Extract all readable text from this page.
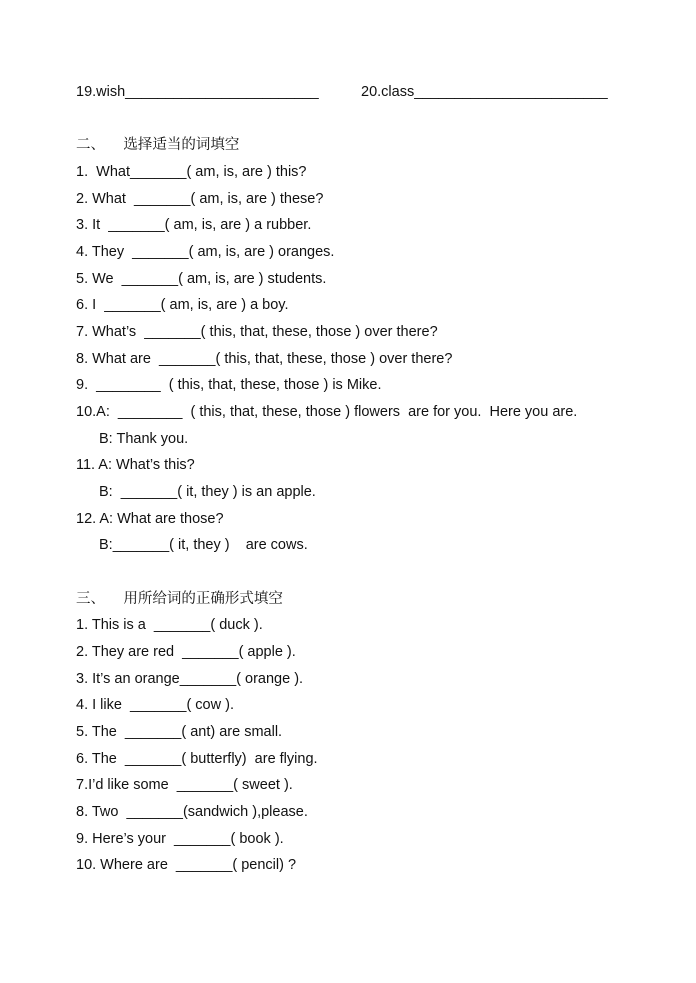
19.wish________________________	20.class________________________
二、    选择适当的词填空
1.  What_______( am, is, are ) this?
2. What  _______( am, is, are ) these?
3. It  _______( am, is, are ) a rubber.
4. They  _______( am, is, are ) oranges.
5. We  _______( am, is, are ) students.
6. I  _______( am, is, are ) a boy.
7. What’s  _______( this, that, these, those ) over there?
8. What are  _______( this, that, these, those ) over there?
9.  ________  ( this, that, these, those ) is Mike.
10.A:  ________  ( this, that, these, those ) flowers  are for you.  Here you are.
B: Thank you.
11. A: What’s this?
B:  _______( it, they ) is an apple.
12. A: What are those?
B:_______( it, they )    are cows.
三、    用所给词的正确形式填空
1. This is a  _______( duck ).
2. They are red  _______( apple ).
3. It’s an orange_______( orange ).
4. I like  _______( cow ).
5. The  _______( ant) are small.
6. The  _______( butterfly)  are flying.
7.I’d like some  _______( sweet ).
8. Two  _______(sandwich ),please.
9. Here’s your  _______( book ).
10. Where are  _______( pencil) ?
